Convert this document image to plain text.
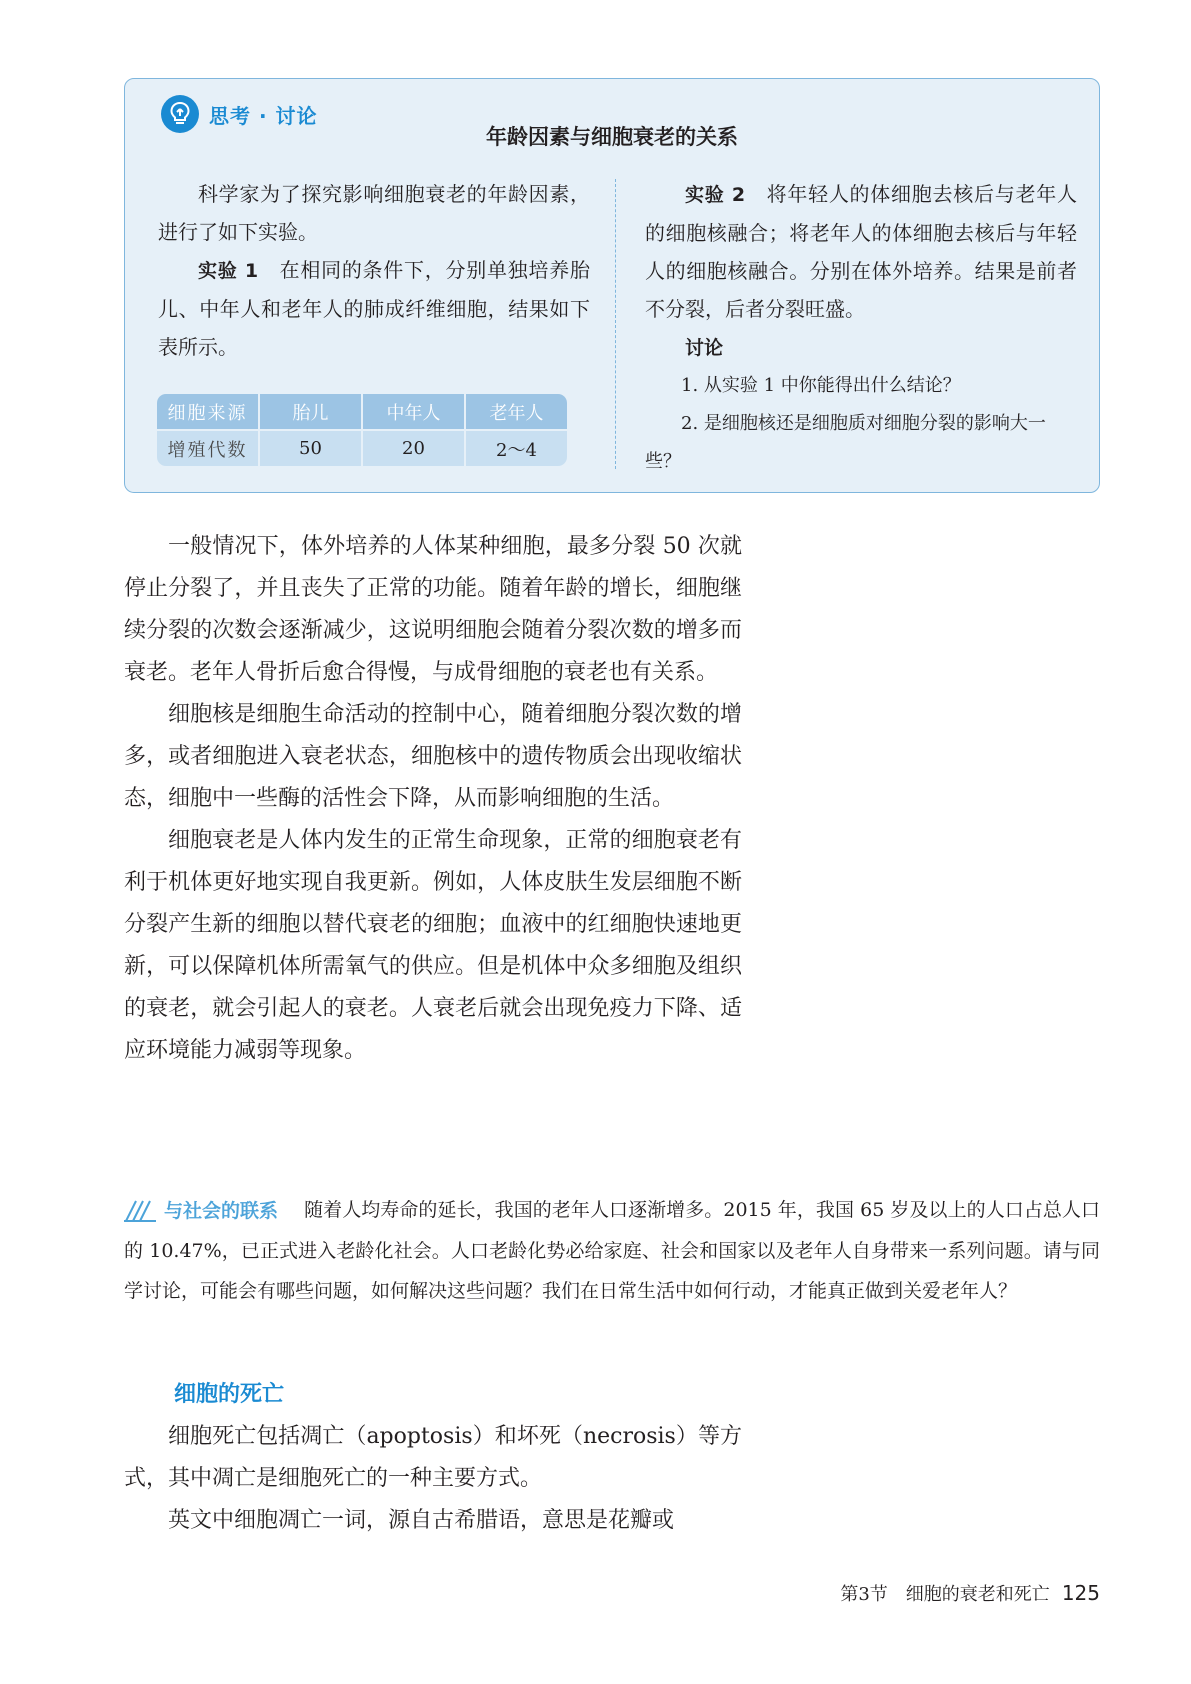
思考 · 讨论
年龄因素与细胞衰老的关系

科学家为了探究影响细胞衰老的年龄因素，进行了如下实验。

实验 1　 在相同的条件下，分别单独培养胎儿、中年人和老年人的肺成纤维细胞，结果如下表所示。

细胞来源	胎儿	中年人	老年人
增殖代数	50	20	2～4

实验 2　 将年轻人的体细胞去核后与老年人的细胞核融合；将老年人的体细胞去核后与年轻人的细胞核融合。分别在体外培养。结果是前者不分裂，后者分裂旺盛。

讨论

1. 从实验 1 中你能得出什么结论？

2. 是细胞核还是细胞质对细胞分裂的影响大一些？

一般情况下，体外培养的人体某种细胞，最多分裂 50 次就停止分裂了，并且丧失了正常的功能。随着年龄的增长，细胞继续分裂的次数会逐渐减少，这说明细胞会随着分裂次数的增多而衰老。老年人骨折后愈合得慢，与成骨细胞的衰老也有关系。

细胞核是细胞生命活动的控制中心，随着细胞分裂次数的增多，或者细胞进入衰老状态，细胞核中的遗传物质会出现收缩状态，细胞中一些酶的活性会下降，从而影响细胞的生活。

细胞衰老是人体内发生的正常生命现象，正常的细胞衰老有利于机体更好地实现自我更新。例如，人体皮肤生发层细胞不断分裂产生新的细胞以替代衰老的细胞；血液中的红细胞快速地更新，可以保障机体所需氧气的供应。但是机体中众多细胞及组织的衰老，就会引起人的衰老。人衰老后就会出现免疫力下降、适应环境能力减弱等现象。

与社会的联系 随着人均寿命的延长，我国的老年人口逐渐增多。2015 年，我国 65 岁及以上的人口占总人口的 10.47%，已正式进入老龄化社会。人口老龄化势必给家庭、社会和国家以及老年人自身带来一系列问题。请与同学讨论，可能会有哪些问题，如何解决这些问题？我们在日常生活中如何行动，才能真正做到关爱老年人？

细胞的死亡

细胞死亡包括凋亡（apoptosis）和坏死（necrosis）等方式，其中凋亡是细胞死亡的一种主要方式。

英文中细胞凋亡一词，源自古希腊语，意思是花瓣或

第3节　细胞的衰老和死亡 125
